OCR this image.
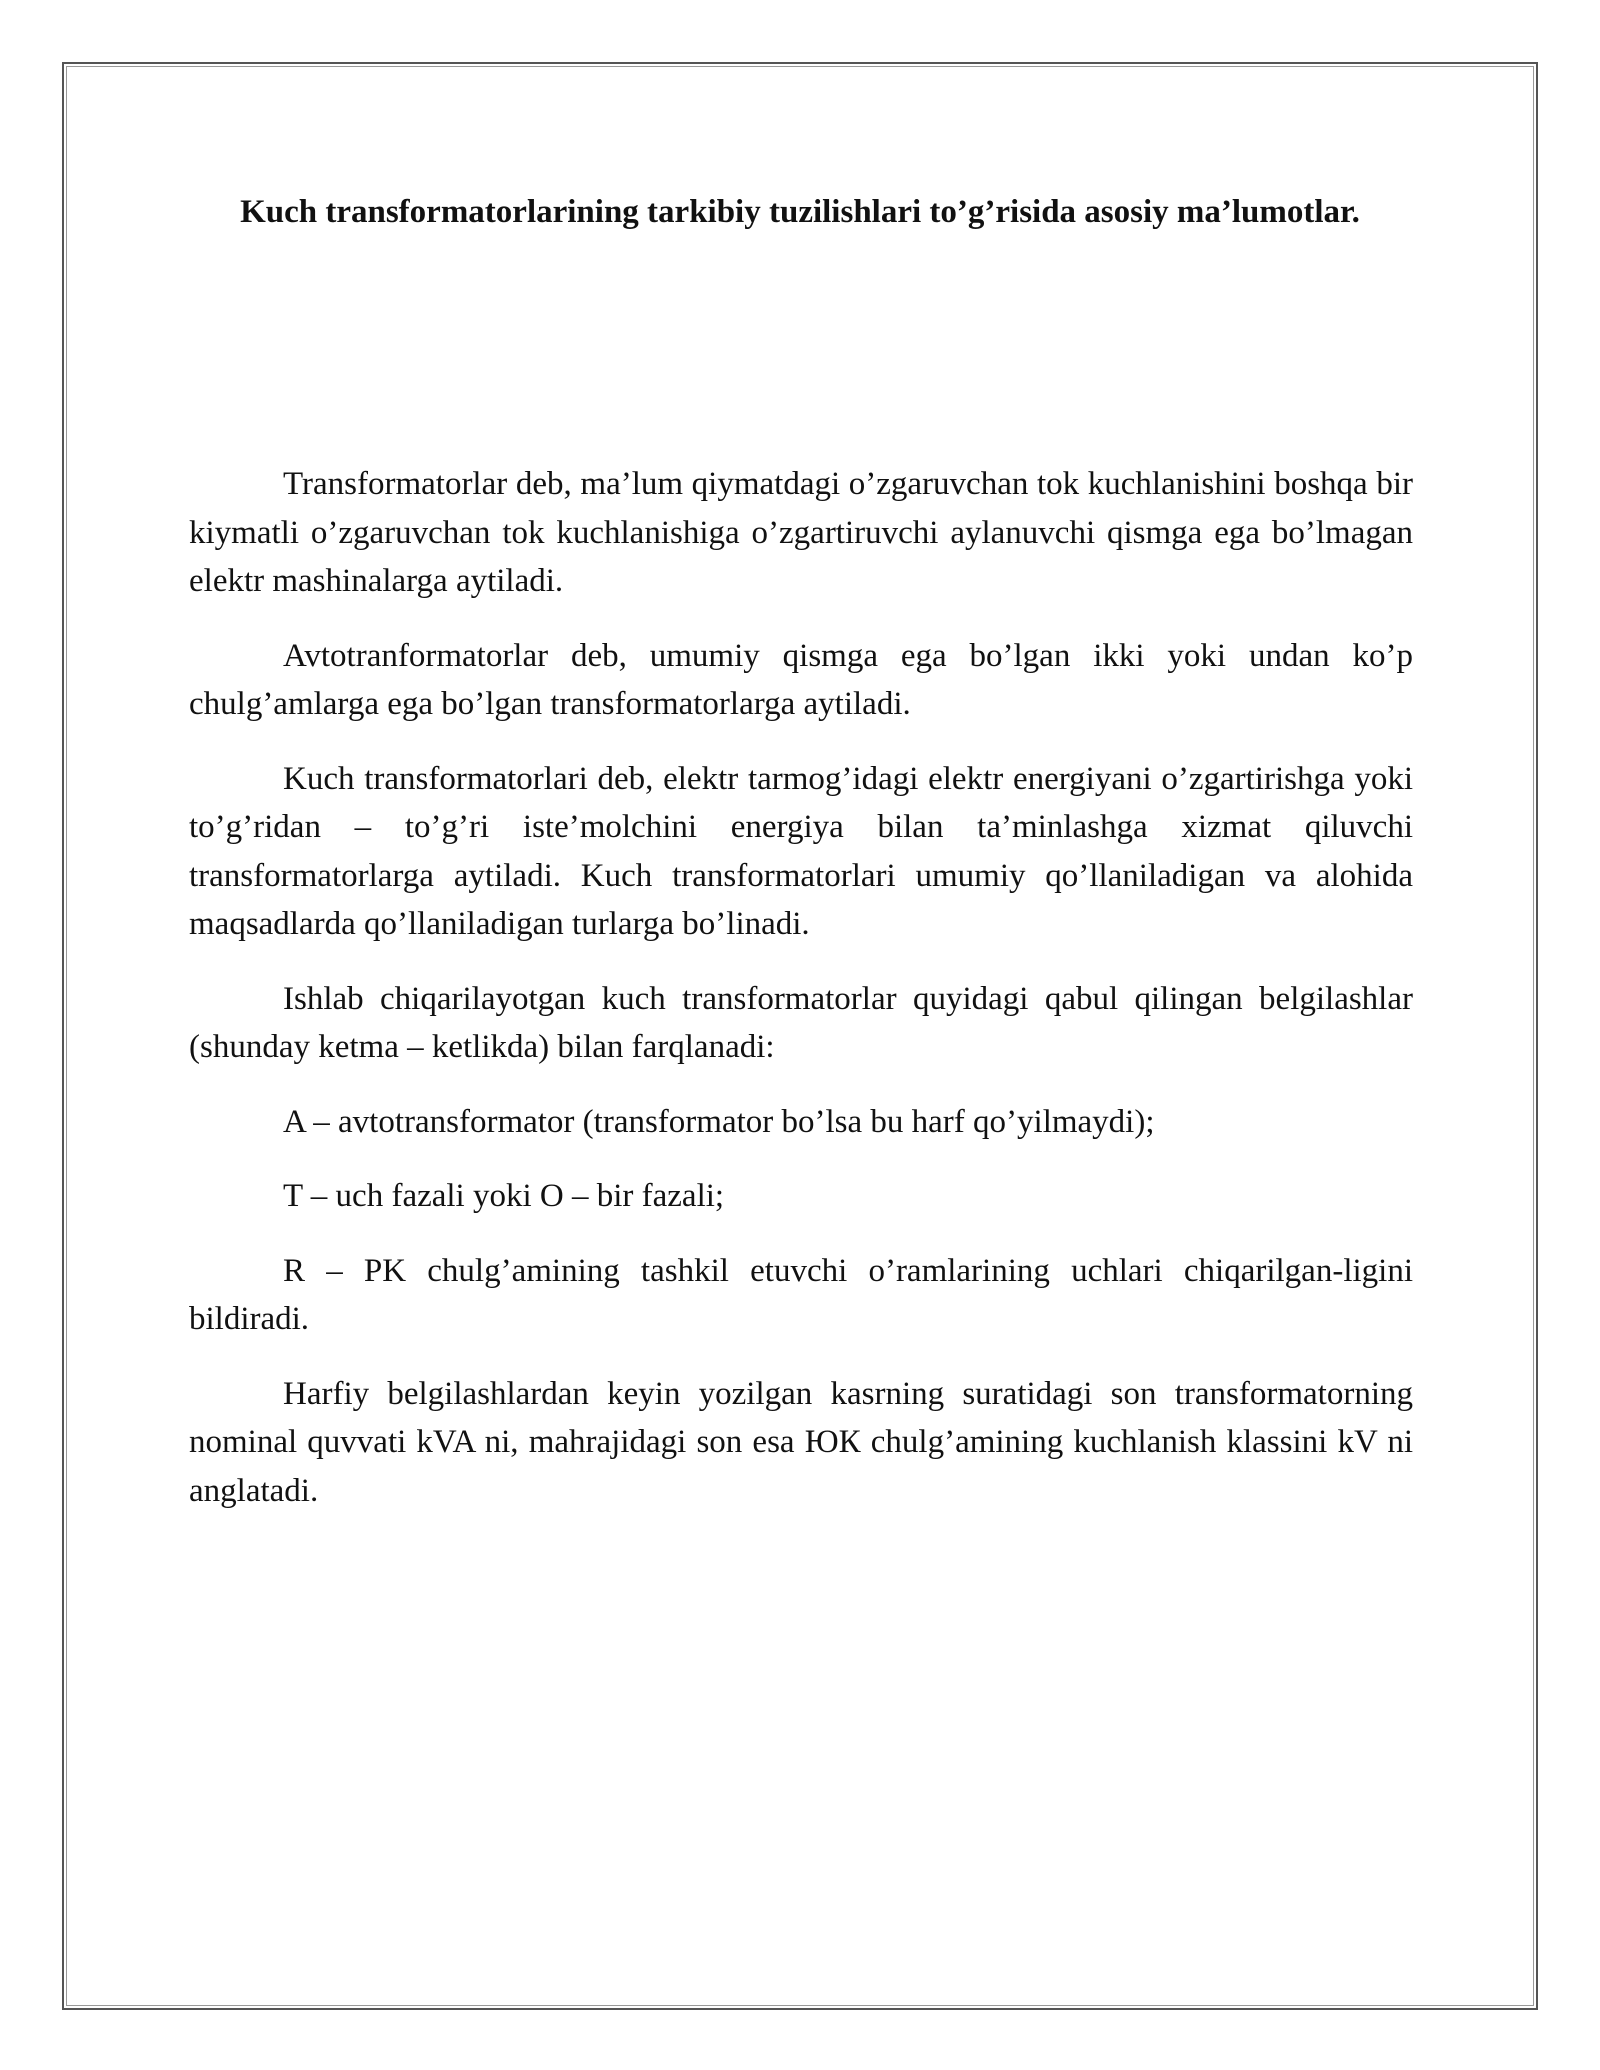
Kuch transformatorlarining tarkibiy tuzilishlari to’g’risida asosiy ma’lumotlar.

Transformatorlar deb, ma’lum qiymatdagi o’zgaruvchan tok kuchlanishini boshqa bir kiymatli o’zgaruvchan tok kuchlanishiga o’zgartiruvchi aylanuvchi qismga ega bo’lmagan elektr mashinalarga aytiladi.

Avtotranformatorlar deb, umumiy qismga ega bo’lgan ikki yoki undan ko’p chulg’amlarga ega bo’lgan transformatorlarga aytiladi.

Kuch transformatorlari deb, elektr tarmog’idagi elektr energiyani o’zgartirishga yoki to’g’ridan – to’g’ri iste’molchini energiya bilan ta’minlashga xizmat qiluvchi transformatorlarga aytiladi. Kuch transformatorlari umumiy qo’llaniladigan va alohida maqsadlarda qo’llaniladigan turlarga bo’linadi.

Ishlab chiqarilayotgan kuch transformatorlar quyidagi qabul qilingan belgilashlar (shunday ketma – ketlikda) bilan farqlanadi:

A – avtotransformator (transformator bo’lsa bu harf qo’yilmaydi);

T – uch fazali yoki O – bir fazali;

R – PK chulg’amining tashkil etuvchi o’ramlarining uchlari chiqarilgan-ligini bildiradi.

Harfiy belgilashlardan keyin yozilgan kasrning suratidagi son transformatorning nominal quvvati kVA ni, mahrajidagi son esa ЮК chulg’amining kuchlanish klassini kV ni anglatadi.
